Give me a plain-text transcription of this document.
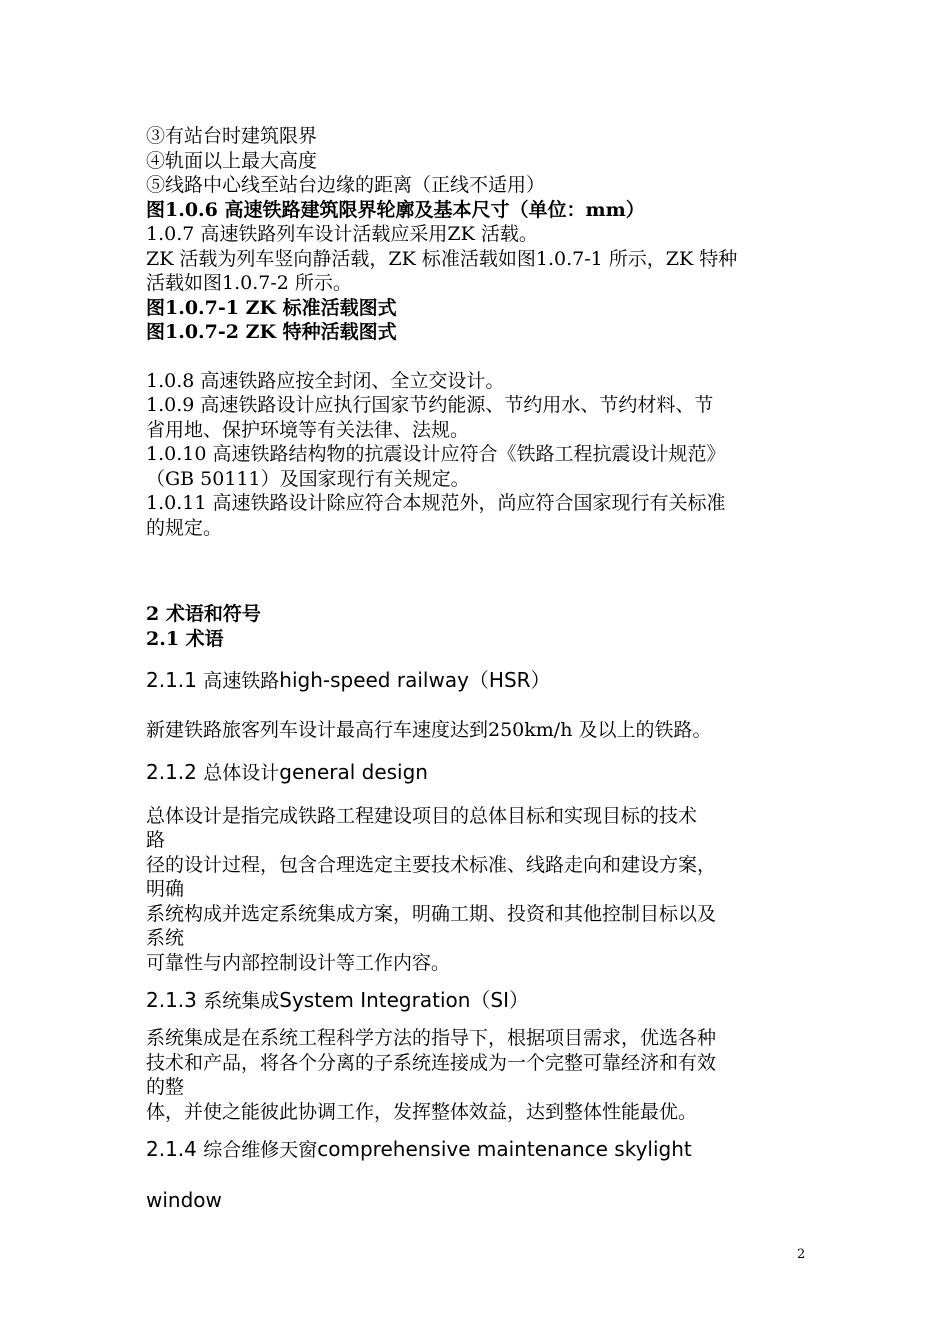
③有站台时建筑限界
④轨面以上最大高度
⑤线路中心线至站台边缘的距离（正线不适用）
图1.0.6 高速铁路建筑限界轮廓及基本尺寸（单位：mm）
1.0.7 高速铁路列车设计活载应采用ZK 活载。
ZK 活载为列车竖向静活载，ZK 标准活载如图1.0.7-1 所示，ZK 特种
活载如图1.0.7-2 所示。
图1.0.7-1 ZK 标准活载图式
图1.0.7-2 ZK 特种活载图式
1.0.8 高速铁路应按全封闭、全立交设计。
1.0.9 高速铁路设计应执行国家节约能源、节约用水、节约材料、节
省用地、保护环境等有关法律、法规。
1.0.10 高速铁路结构物的抗震设计应符合《铁路工程抗震设计规范》
（GB 50111）及国家现行有关规定。
1.0.11 高速铁路设计除应符合本规范外，尚应符合国家现行有关标准
的规定。
2 术语和符号
2.1 术语
2.1.1 高速铁路high-speed railway（HSR）
新建铁路旅客列车设计最高行车速度达到250km/h 及以上的铁路。
2.1.2 总体设计general design
总体设计是指完成铁路工程建设项目的总体目标和实现目标的技术
路
径的设计过程，包含合理选定主要技术标准、线路走向和建设方案，
明确
系统构成并选定系统集成方案，明确工期、投资和其他控制目标以及
系统
可靠性与内部控制设计等工作内容。
2.1.3 系统集成System Integration（SI）
系统集成是在系统工程科学方法的指导下，根据项目需求，优选各种
技术和产品，将各个分离的子系统连接成为一个完整可靠经济和有效
的整
体，并使之能彼此协调工作，发挥整体效益，达到整体性能最优。
2.1.4 综合维修天窗comprehensive maintenance skylight
window
2
